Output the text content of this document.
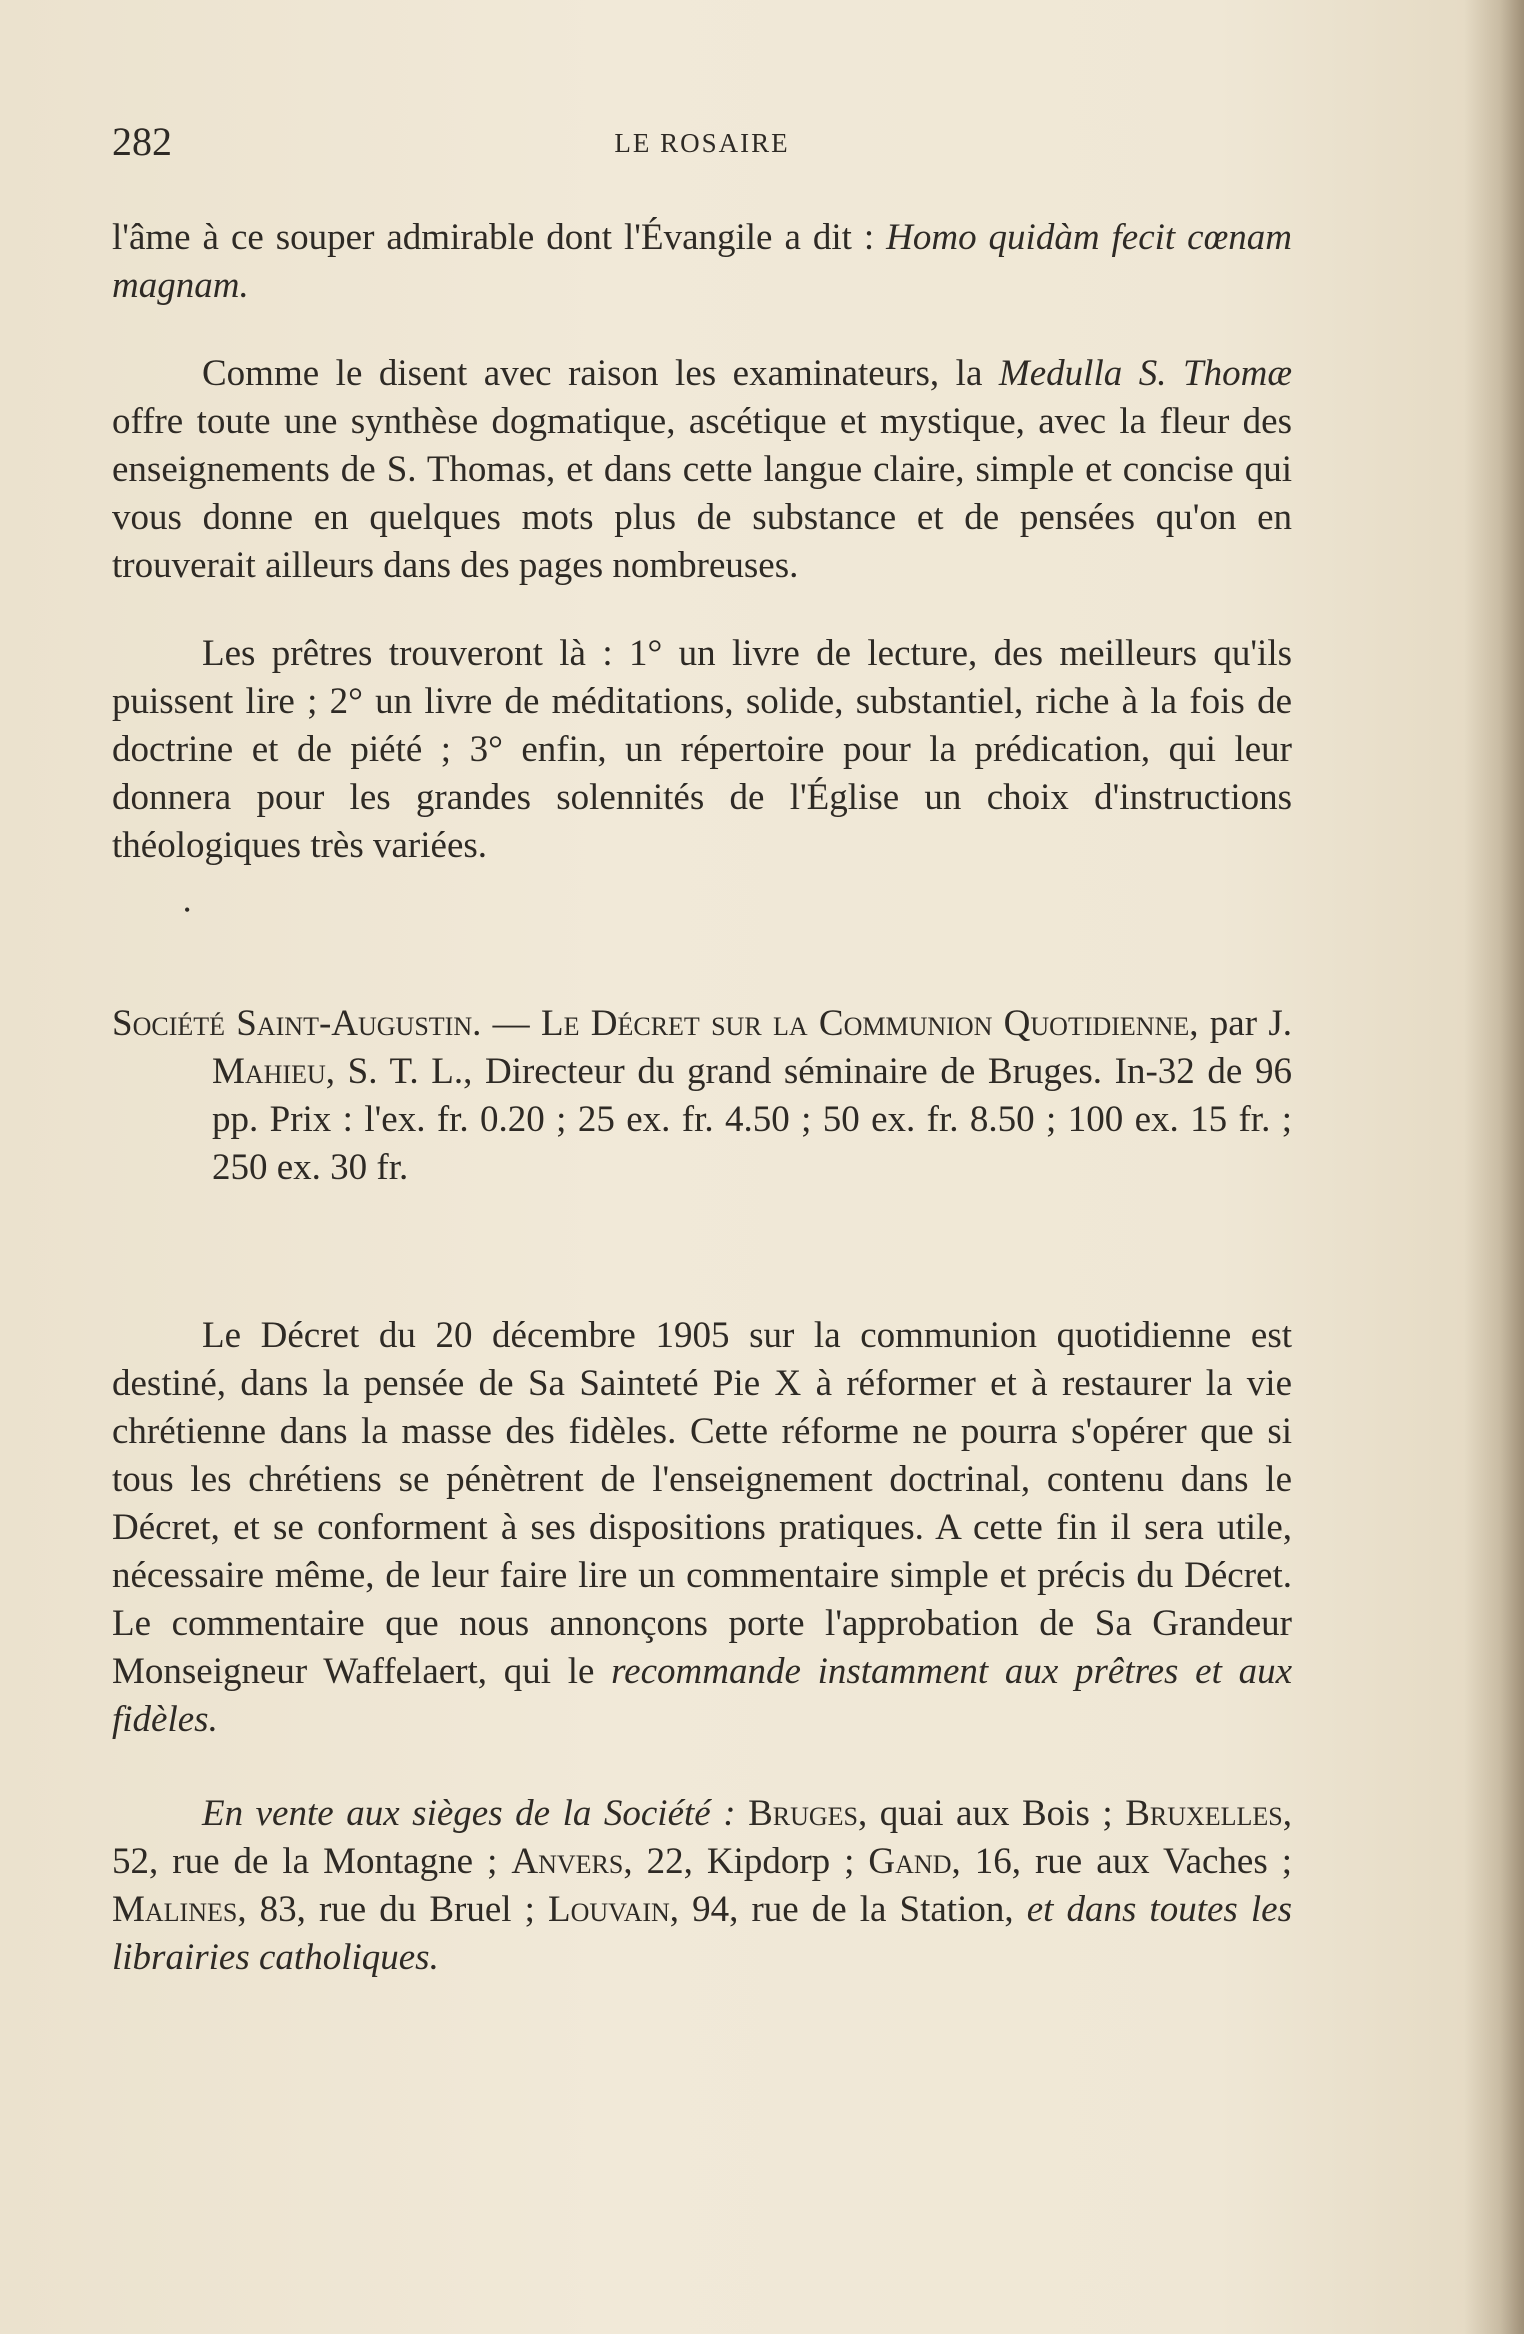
282	LE ROSAIRE

l'âme à ce souper admirable dont l'Évangile a dit : Homo quidàm fecit cœnam magnam.

Comme le disent avec raison les examinateurs, la Medulla S. Thomæ offre toute une synthèse dogmatique, ascétique et mystique, avec la fleur des enseignements de S. Thomas, et dans cette langue claire, simple et concise qui vous donne en quelques mots plus de substance et de pensées qu'on en trouverait ailleurs dans des pages nombreuses.

Les prêtres trouveront là : 1° un livre de lecture, des meilleurs qu'ils puissent lire ; 2° un livre de méditations, solide, substantiel, riche à la fois de doctrine et de piété ; 3° enfin, un répertoire pour la prédication, qui leur donnera pour les grandes solennités de l'Église un choix d'instructions théologiques très variées.

•

Société Saint-Augustin. — Le Décret sur la Communion Quotidienne, par J. Mahieu, S. T. L., Directeur du grand séminaire de Bruges. In-32 de 96 pp. Prix : l'ex. fr. 0.20 ; 25 ex. fr. 4.50 ; 50 ex. fr. 8.50 ; 100 ex. 15 fr. ; 250 ex. 30 fr.

Le Décret du 20 décembre 1905 sur la communion quotidienne est destiné, dans la pensée de Sa Sainteté Pie X à réformer et à restaurer la vie chrétienne dans la masse des fidèles. Cette réforme ne pourra s'opérer que si tous les chrétiens se pénètrent de l'enseignement doctrinal, contenu dans le Décret, et se conforment à ses dispositions pratiques. A cette fin il sera utile, nécessaire même, de leur faire lire un commentaire simple et précis du Décret. Le commentaire que nous annonçons porte l'approbation de Sa Grandeur Monseigneur Waffelaert, qui le recommande instamment aux prêtres et aux fidèles.

En vente aux sièges de la Société : Bruges, quai aux Bois ; Bruxelles, 52, rue de la Montagne ; Anvers, 22, Kipdorp ; Gand, 16, rue aux Vaches ; Malines, 83, rue du Bruel ; Louvain, 94, rue de la Station, et dans toutes les librairies catholiques.
